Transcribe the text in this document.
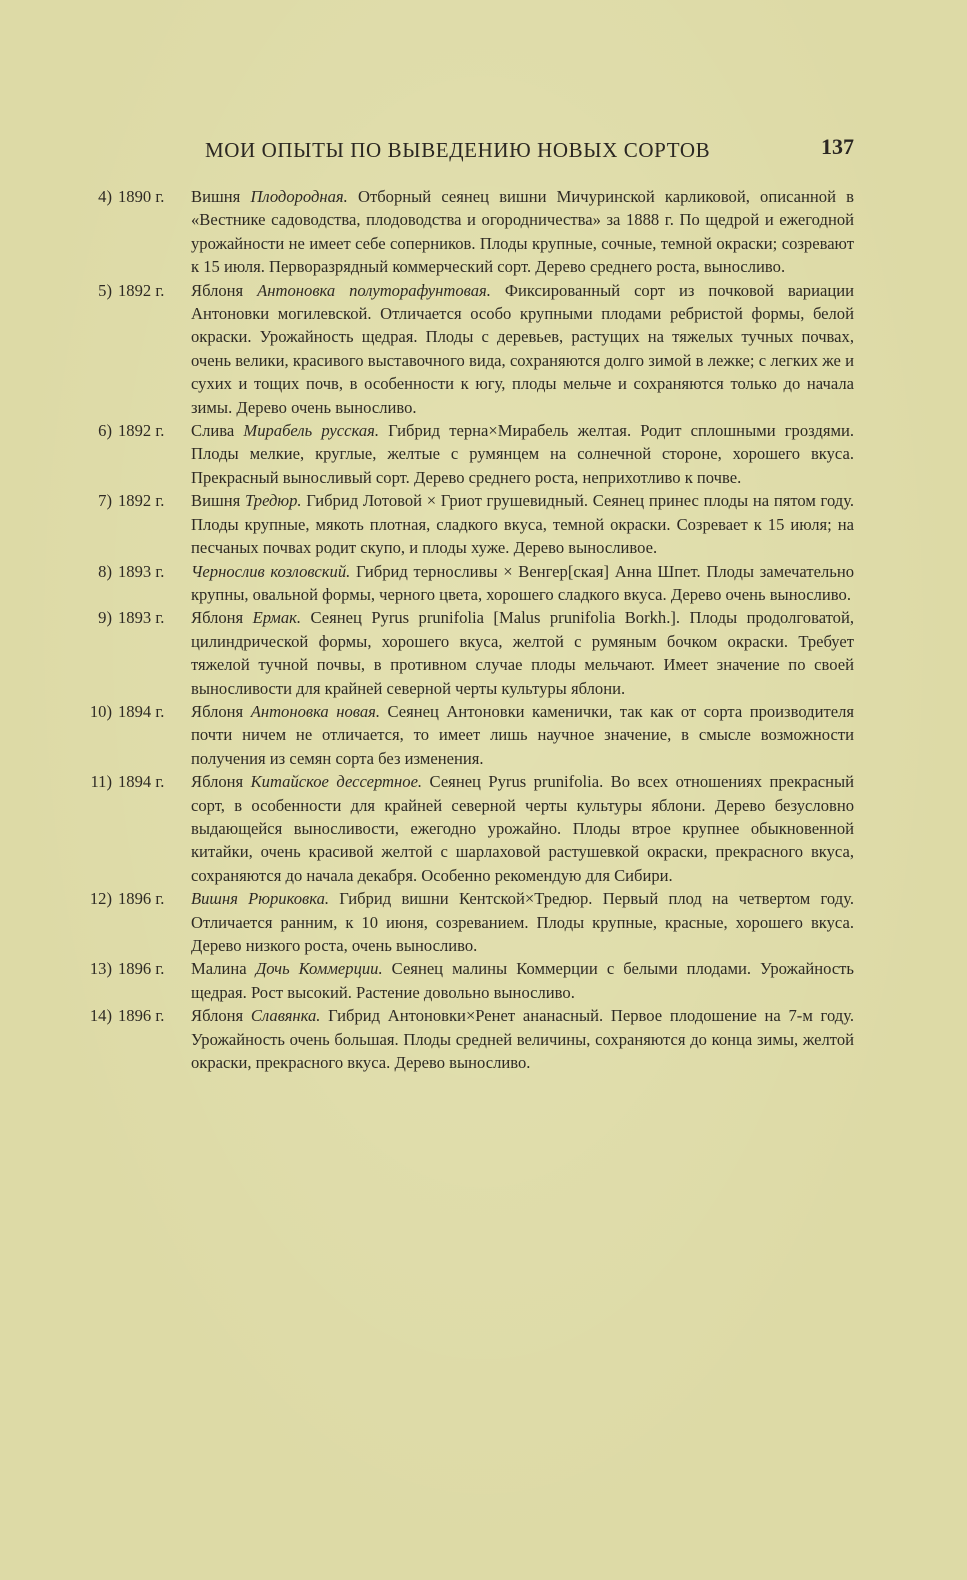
МОИ ОПЫТЫ ПО ВЫВЕДЕНИЮ НОВЫХ СОРТОВ	137

4) 1890 г.	Вишня Плодородная. Отборный сеянец вишни Мичуринской карликовой, описанной в «Вестнике садоводства, плодоводства и огородничества» за 1888 г. По щедрой и ежегодной урожайности не имеет себе соперников. Плоды крупные, сочные, темной окраски; созревают к 15 июля. Перворазрядный коммерческий сорт. Дерево среднего роста, выносливо.

5) 1892 г.	Яблоня Антоновка полуторафунтовая. Фиксированный сорт из почковой вариации Антоновки могилевской. Отличается особо крупными плодами ребристой формы, белой окраски. Урожайность щедрая. Плоды с деревьев, растущих на тяжелых тучных почвах, очень велики, красивого выставочного вида, сохраняются долго зимой в лежке; с легких же и сухих и тощих почв, в особенности к югу, плоды мельче и сохраняются только до начала зимы. Дерево очень выносливо.

6) 1892 г.	Слива Мирабель русская. Гибрид терна×Мирабель желтая. Родит сплошными гроздями. Плоды мелкие, круглые, желтые с румянцем на солнечной стороне, хорошего вкуса. Прекрасный выносливый сорт. Дерево среднего роста, неприхотливо к почве.

7) 1892 г.	Вишня Тредюр. Гибрид Лотовой × Гриот грушевидный. Сеянец принес плоды на пятом году. Плоды крупные, мякоть плотная, сладкого вкуса, темной окраски. Созревает к 15 июля; на песчаных почвах родит скупо, и плоды хуже. Дерево выносливое.

8) 1893 г.	Чернослив козловский. Гибрид терносливы × Венгер[ская] Анна Шпет. Плоды замечательно крупны, овальной формы, черного цвета, хорошего сладкого вкуса. Дерево очень выносливо.

9) 1893 г.	Яблоня Ермак. Сеянец Pyrus prunifolia [Malus prunifolia Borkh.]. Плоды продолговатой, цилиндрической формы, хорошего вкуса, желтой с румяным бочком окраски. Требует тяжелой тучной почвы, в противном случае плоды мельчают. Имеет значение по своей выносливости для крайней северной черты культуры яблони.

10) 1894 г.	Яблоня Антоновка новая. Сеянец Антоновки каменички, так как от сорта производителя почти ничем не отличается, то имеет лишь научное значение, в смысле возможности получения из семян сорта без изменения.

11) 1894 г.	Яблоня Китайское дессертное. Сеянец Pyrus prunifolia. Во всех отношениях прекрасный сорт, в особенности для крайней северной черты культуры яблони. Дерево безусловно выдающейся выносливости, ежегодно урожайно. Плоды втрое крупнее обыкновенной китайки, очень красивой желтой с шарлаховой растушевкой окраски, прекрасного вкуса, сохраняются до начала декабря. Особенно рекомендую для Сибири.

12) 1896 г.	Вишня Рюриковка. Гибрид вишни Кентской×Тредюр. Первый плод на четвертом году. Отличается ранним, к 10 июня, созреванием. Плоды крупные, красные, хорошего вкуса. Дерево низкого роста, очень выносливо.

13) 1896 г.	Малина Дочь Коммерции. Сеянец малины Коммерции с белыми плодами. Урожайность щедрая. Рост высокий. Растение довольно выносливо.

14) 1896 г.	Яблоня Славянка. Гибрид Антоновки×Ренет ананасный. Первое плодошение на 7-м году. Урожайность очень большая. Плоды средней величины, сохраняются до конца зимы, желтой окраски, прекрасного вкуса. Дерево выносливо.
